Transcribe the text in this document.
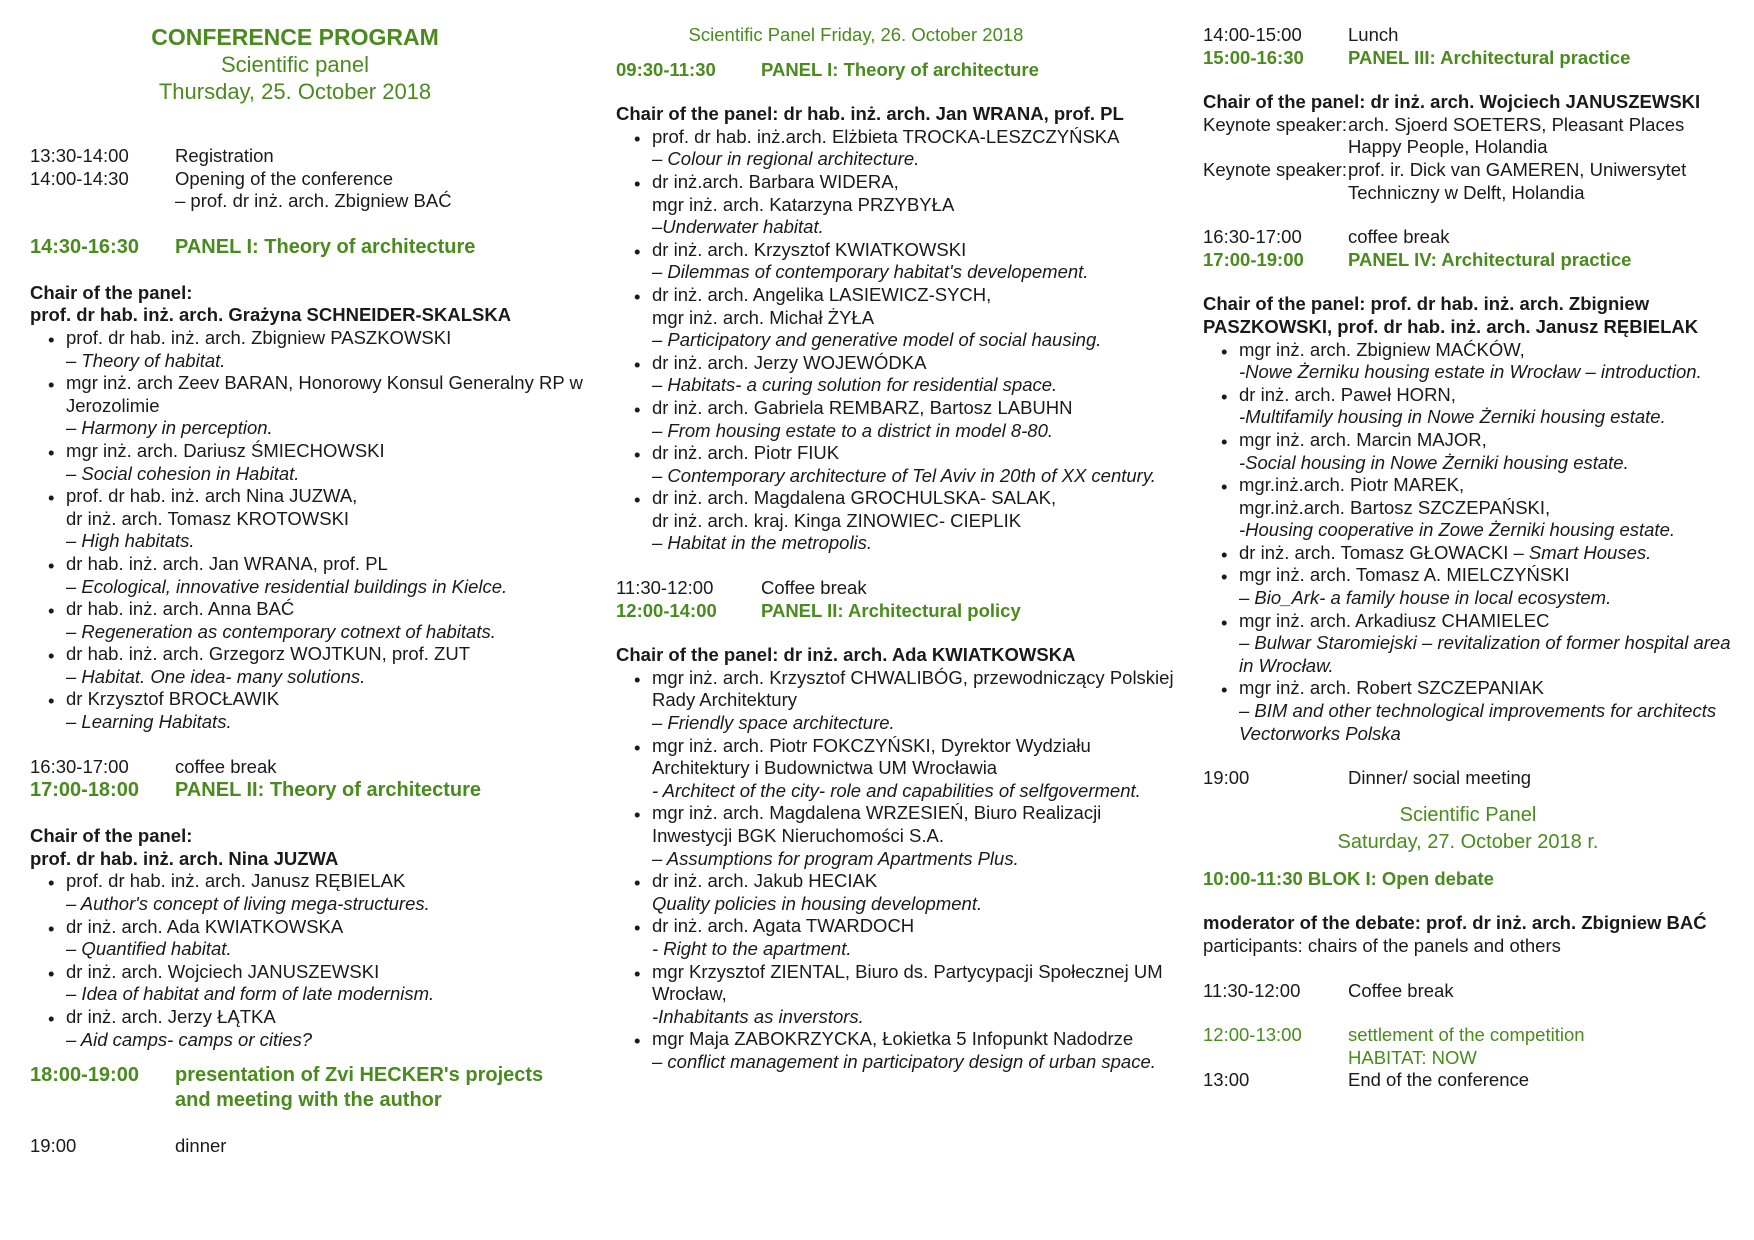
CONFERENCE PROGRAM
Scientific panel
Thursday, 25. October 2018
13:30-14:00	Registration
14:00-14:30	Opening of the conference
– prof. dr inż. arch. Zbigniew BAĆ
14:30-16:30	PANEL I: Theory of architecture
Chair of the panel:
prof. dr hab. inż. arch. Grażyna SCHNEIDER-SKALSKA
• prof. dr hab. inż. arch. Zbigniew PASZKOWSKI
– Theory of habitat.
• mgr inż. arch Zeev BARAN, Honorowy Konsul Generalny RP w Jerozolimie
– Harmony in perception.
• mgr inż. arch. Dariusz ŚMIECHOWSKI
– Social cohesion in Habitat.
• prof. dr hab. inż. arch Nina JUZWA,
dr inż. arch. Tomasz KROTOWSKI
– High habitats.
• dr hab. inż. arch. Jan WRANA, prof. PL
– Ecological, innovative residential buildings in Kielce.
• dr hab. inż. arch. Anna BAĆ
– Regeneration as contemporary cotnext of habitats.
• dr hab. inż. arch. Grzegorz WOJTKUN, prof. ZUT
– Habitat. One idea- many solutions.
• dr Krzysztof BROCŁAWIK
– Learning Habitats.
16:30-17:00	coffee break
17:00-18:00	PANEL II: Theory of architecture
Chair of the panel:
prof. dr hab. inż. arch. Nina JUZWA
• prof. dr hab. inż. arch. Janusz RĘBIELAK
– Author's concept of living mega-structures.
• dr inż. arch. Ada KWIATKOWSKA
– Quantified habitat.
• dr inż. arch. Wojciech JANUSZEWSKI
– Idea of habitat and form of late modernism.
• dr inż. arch. Jerzy ŁĄTKA
– Aid camps- camps or cities?
18:00-19:00	presentation of Zvi HECKER's projects
and meeting with the author
19:00	dinner
Scientific Panel Friday, 26. October 2018
09:30-11:30	PANEL I: Theory of architecture
Chair of the panel: dr hab. inż. arch. Jan WRANA, prof. PL
• prof. dr hab. inż.arch. Elżbieta TROCKA-LESZCZYŃSKA
– Colour in regional architecture.
• dr inż.arch. Barbara WIDERA,
mgr inż. arch. Katarzyna PRZYBYŁA
–Underwater habitat.
• dr inż. arch. Krzysztof KWIATKOWSKI
– Dilemmas of contemporary habitat's developement.
• dr inż. arch. Angelika LASIEWICZ-SYCH,
mgr inż. arch. Michał ŻYŁA
– Participatory and generative model of social hausing.
• dr inż. arch. Jerzy WOJEWÓDKA
– Habitats- a curing solution for residential space.
• dr inż. arch. Gabriela REMBARZ, Bartosz LABUHN
– From housing estate to a district in model 8-80.
• dr inż. arch. Piotr FIUK
– Contemporary architecture of Tel Aviv in 20th of XX century.
• dr inż. arch. Magdalena GROCHULSKA- SALAK,
dr inż. arch. kraj. Kinga ZINOWIEC- CIEPLIK
– Habitat in the metropolis.
11:30-12:00	Coffee break
12:00-14:00	PANEL II: Architectural policy
Chair of the panel: dr inż. arch. Ada KWIATKOWSKA
• mgr inż. arch. Krzysztof CHWALIBÓG, przewodniczący Polskiej Rady Architektury
– Friendly space architecture.
• mgr inż. arch. Piotr FOKCZYŃSKI, Dyrektor Wydziału Architektury i Budownictwa UM Wrocławia
- Architect of the city- role and capabilities of selfgoverment.
• mgr inż. arch. Magdalena WRZESIEŃ, Biuro Realizacji Inwestycji BGK Nieruchomości S.A.
– Assumptions for program Apartments Plus.
• dr inż. arch. Jakub HECIAK
Quality policies in housing development.
• dr inż. arch. Agata TWARDOCH
- Right to the apartment.
• mgr Krzysztof ZIENTAL, Biuro ds. Partycypacji Społecznej UM Wrocław,
-Inhabitants as inverstors.
• mgr Maja ZABOKRZYCKA, Łokietka 5 Infopunkt Nadodrze
– conflict management in participatory design of urban space.
14:00-15:00	Lunch
15:00-16:30	PANEL III: Architectural practice
Chair of the panel: dr inż. arch. Wojciech JANUSZEWSKI
Keynote speaker: arch. Sjoerd SOETERS, Pleasant Places
Happy People, Holandia
Keynote speaker: prof. ir. Dick van GAMEREN, Uniwersytet
Techniczny w Delft, Holandia
16:30-17:00	coffee break
17:00-19:00	PANEL IV: Architectural practice
Chair of the panel: prof. dr hab. inż. arch. Zbigniew
PASZKOWSKI, prof. dr hab. inż. arch. Janusz RĘBIELAK
• mgr inż. arch. Zbigniew MAĆKÓW,
-Nowe Żerniku housing estate in Wrocław – introduction.
• dr inż. arch. Paweł HORN,
-Multifamily housing in Nowe Żerniki housing estate.
• mgr inż. arch. Marcin MAJOR,
-Social housing in Nowe Żerniki housing estate.
• mgr.inż.arch. Piotr MAREK,
mgr.inż.arch. Bartosz SZCZEPAŃSKI,
-Housing cooperative in Zowe Żerniki housing estate.
• dr inż. arch. Tomasz GŁOWACKI – Smart Houses.
• mgr inż. arch. Tomasz A. MIELCZYŃSKI
– Bio_Ark- a family house in local ecosystem.
• mgr inż. arch. Arkadiusz CHAMIELEC
– Bulwar Staromiejski – revitalization of former hospital area in Wrocław.
• mgr inż. arch. Robert SZCZEPANIAK
– BIM and other technological improvements for architects Vectorworks Polska
19:00	Dinner/ social meeting
Scientific Panel
Saturday, 27. October 2018 r.
10:00-11:30 BLOK I: Open debate
moderator of the debate: prof. dr inż. arch. Zbigniew BAĆ
participants: chairs of the panels and others
11:30-12:00	Coffee break
12:00-13:00	settlement of the competition
HABITAT: NOW
13:00	End of the conference
